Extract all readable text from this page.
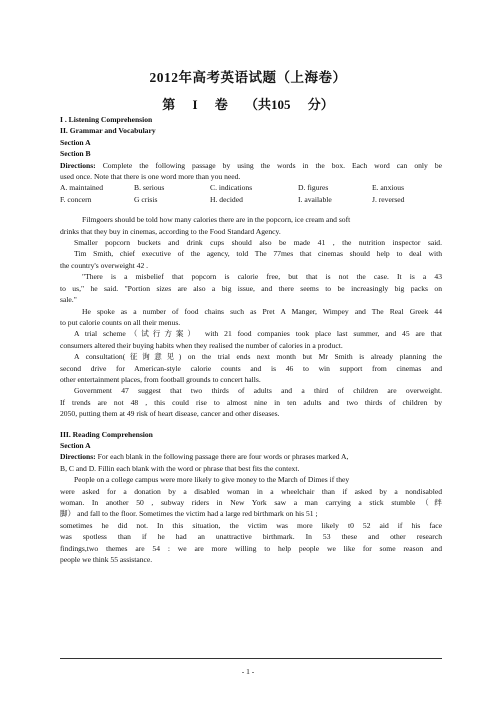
2012年高考英语试题（上海卷）
第 I 卷 （共105 分）
I . Listening Comprehension
II. Grammar and Vocabulary
Section A
Section B
Directions: Complete the following passage by using the words in the box. Each word can only be
used once. Note that there is one word more than you need.
A. maintained	B. serious	C. indications	D. figures	E. anxious
F. concern	G crisis	H. decided	I. available	J. reversed
Filmgoers should be told how many calories there are in the popcorn, ice cream and soft
drinks that they buy in cinemas, according to the Food Standard Agency.
Smaller popcorn buckets and drink cups should also be made 41 , the nutrition inspector said.
Tim Smith, chief executive of the agency, told The 77mes that cinemas should help to deal with
the country's overweight 42 .
"There is a misbelief that popcorn is calorie free, but that is not the case. It is a 43
to us," he said. "Portion sizes are also a big issue, and there seems to be increasingly big packs on
sale."
He spoke as a number of food chains such as Pret A Manger, Wimpey and The Real Greek 44
to put calorie counts on all their menus.
A trial scheme（试行方案） with 21 food companies took place last summer, and 45 are that
consumers altered their buying habits when they realised the number of calories in a product.
A consultation(征询意见) on the trial ends next month but Mr Smith is already planning the
second drive for American-style calorie counts and is 46 to win support from cinemas and
other entertainment places, from football grounds to concert halls.
Government 47 suggest that two thirds of adults and a third of children are overweight.
If trends are not 48 , this could rise to almost nine in ten adults and two thirds of children by
2050, putting them at 49 risk of heart disease, cancer and other diseases.
III. Reading Comprehension
Section A
Directions: For each blank in the following passage there are four words or phrases marked A,
B, C and D. Fillin each blank with the word or phrase that best fits the context.
People on a college campus were more likely to give money to the March of Dimes if they
were asked for a donation by a disabled woman in a wheelchair than if asked by a nondisabled
woman. In another 50 , subway riders in New York saw a man carrying a stick stumble（绊
脚） and fall to the floor. Sometimes the victim had a large red birthmark on his 51 ;
sometimes he did not. In this situation, the victim was more likely t0 52 aid if his face
was spotless than if he had an unattractive birthmark. In 53 these and other research
findings,two themes are 54 : we are more willing to help people we like for some reason and
people we think 55 assistance.
- 1 -
